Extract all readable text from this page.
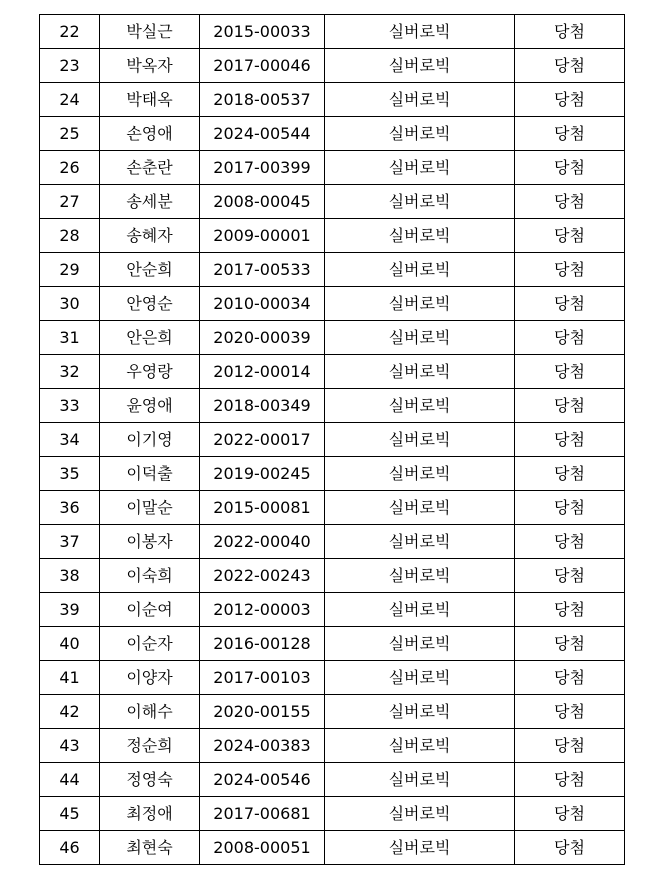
22	박실근	2015-00033	실버로빅	당첨
23	박옥자	2017-00046	실버로빅	당첨
24	박태옥	2018-00537	실버로빅	당첨
25	손영애	2024-00544	실버로빅	당첨
26	손춘란	2017-00399	실버로빅	당첨
27	송세분	2008-00045	실버로빅	당첨
28	송혜자	2009-00001	실버로빅	당첨
29	안순희	2017-00533	실버로빅	당첨
30	안영순	2010-00034	실버로빅	당첨
31	안은희	2020-00039	실버로빅	당첨
32	우영랑	2012-00014	실버로빅	당첨
33	윤영애	2018-00349	실버로빅	당첨
34	이기영	2022-00017	실버로빅	당첨
35	이덕출	2019-00245	실버로빅	당첨
36	이말순	2015-00081	실버로빅	당첨
37	이봉자	2022-00040	실버로빅	당첨
38	이숙희	2022-00243	실버로빅	당첨
39	이순여	2012-00003	실버로빅	당첨
40	이순자	2016-00128	실버로빅	당첨
41	이양자	2017-00103	실버로빅	당첨
42	이해수	2020-00155	실버로빅	당첨
43	정순희	2024-00383	실버로빅	당첨
44	정영숙	2024-00546	실버로빅	당첨
45	최정애	2017-00681	실버로빅	당첨
46	최현숙	2008-00051	실버로빅	당첨
